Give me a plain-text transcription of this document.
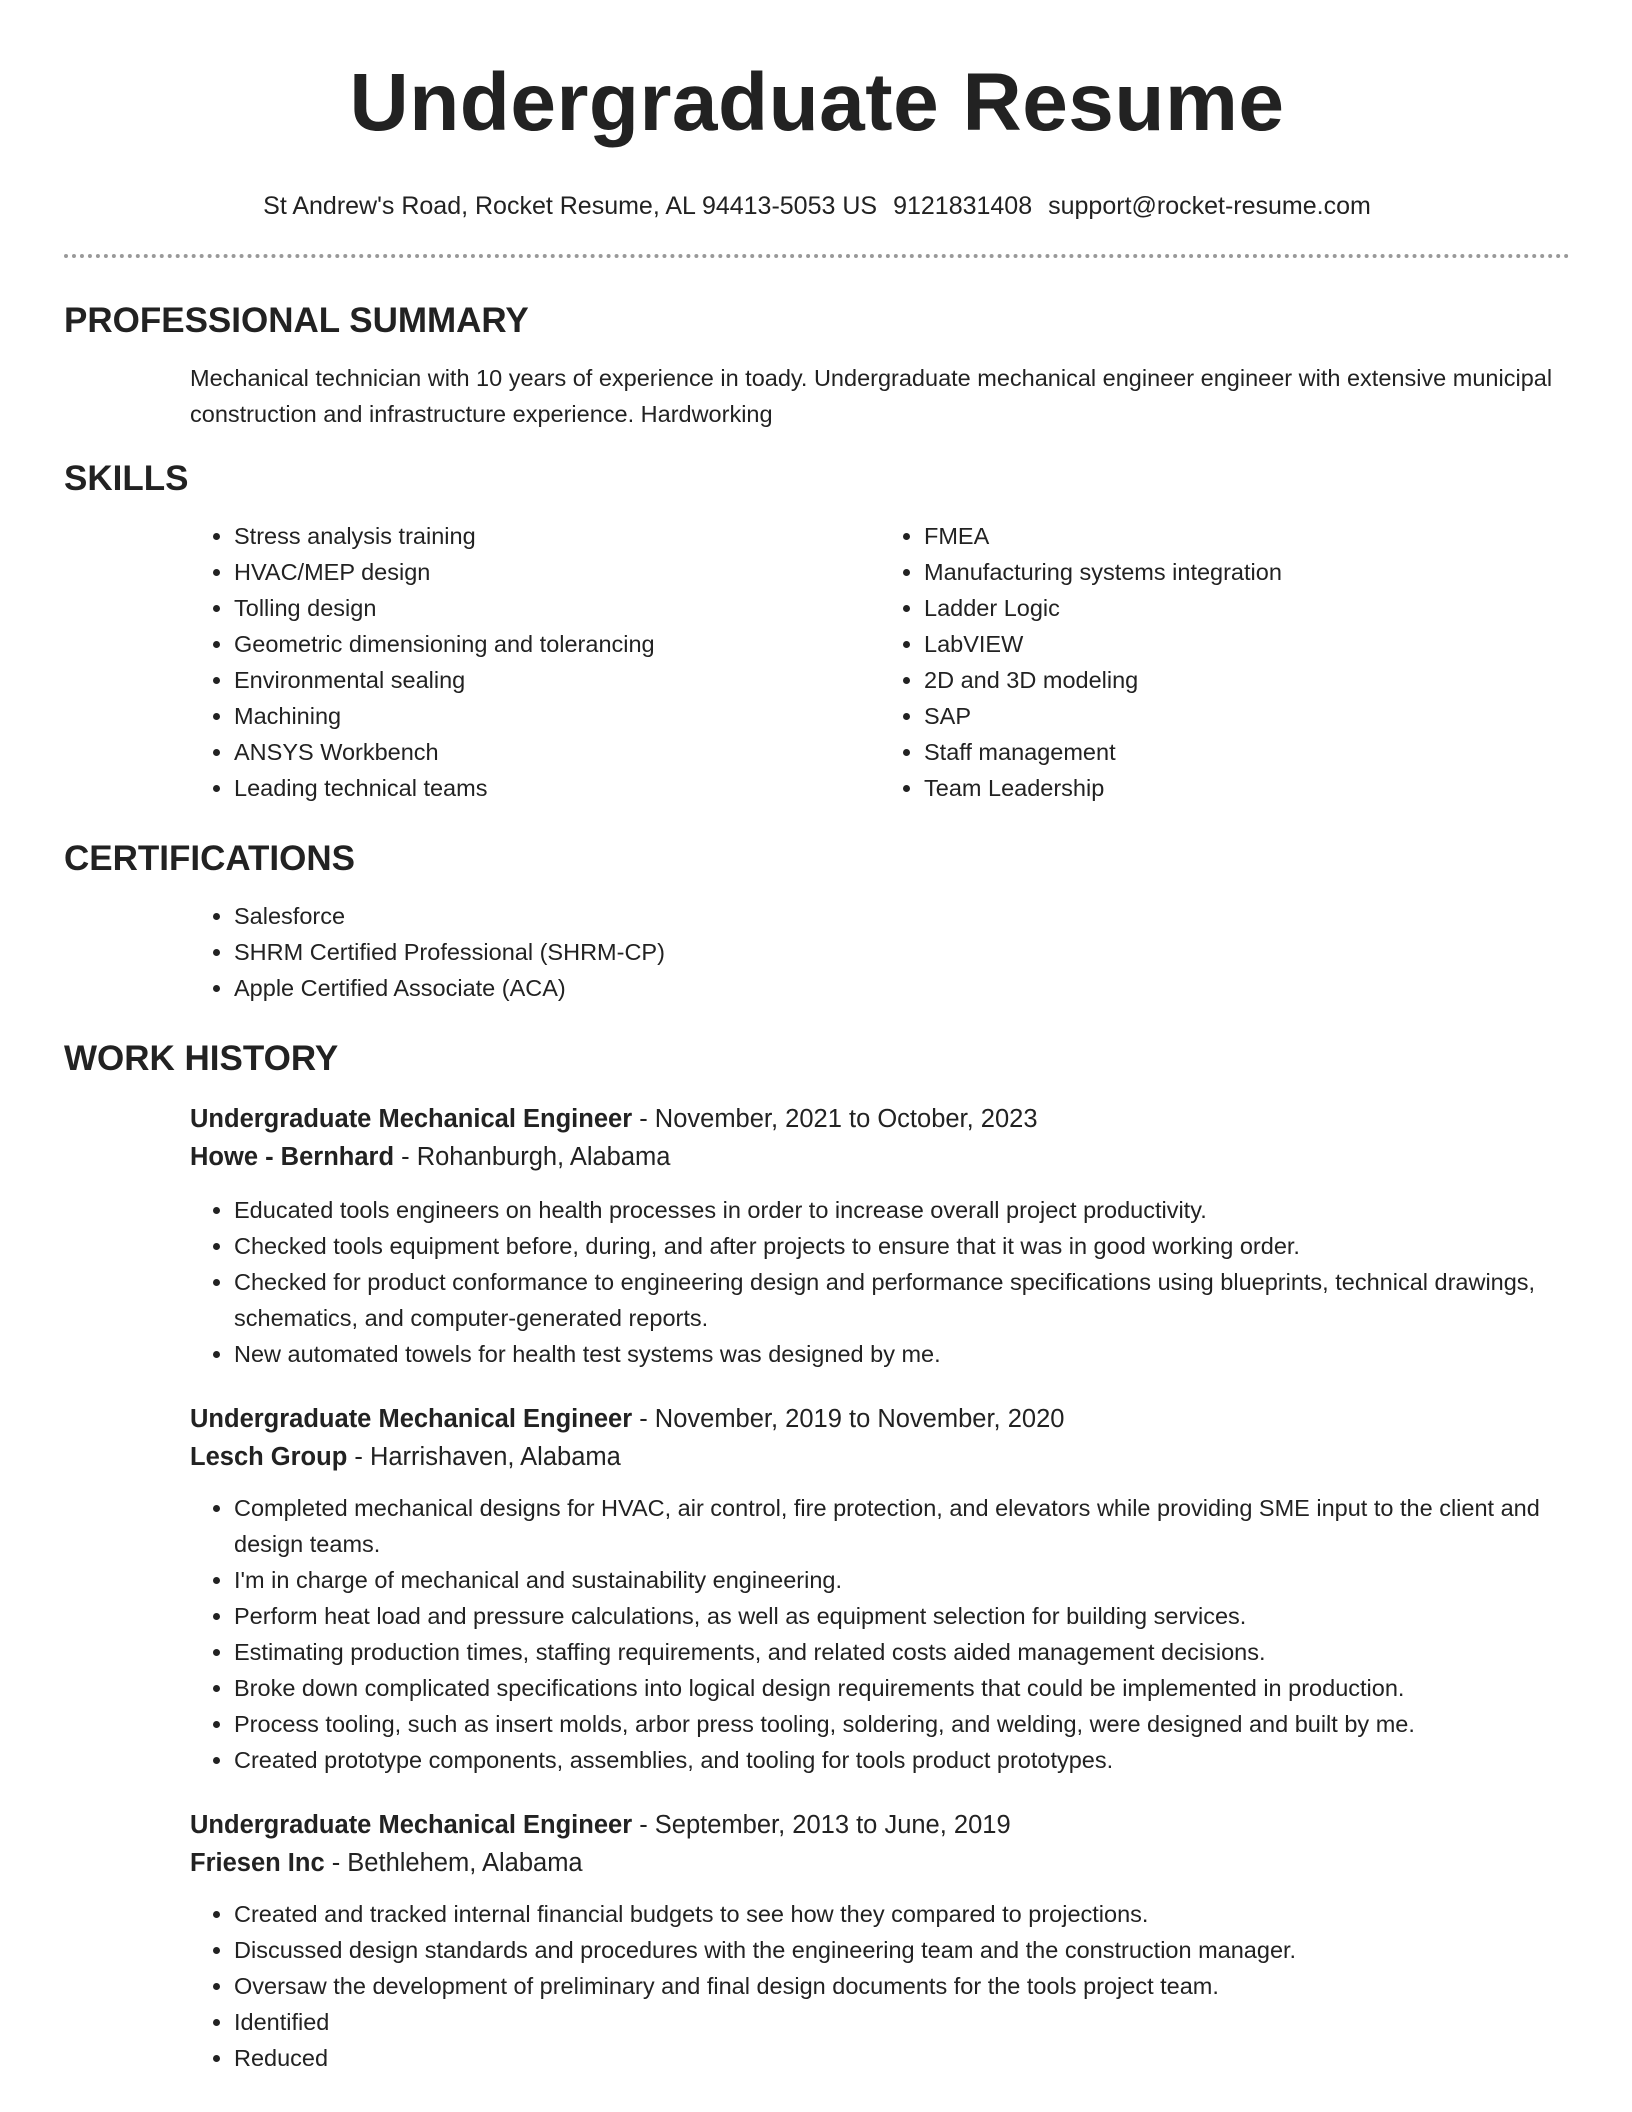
Undergraduate Resume
St Andrew's Road, Rocket Resume, AL 94413-5053 US 9121831408 support@rocket-resume.com
PROFESSIONAL SUMMARY

Mechanical technician with 10 years of experience in toady. Undergraduate mechanical engineer engineer with extensive municipal construction and infrastructure experience. Hardworking

SKILLS
• Stress analysis training
• HVAC/MEP design
• Tolling design
• Geometric dimensioning and tolerancing
• Environmental sealing
• Machining
• ANSYS Workbench
• Leading technical teams
• FMEA
• Manufacturing systems integration
• Ladder Logic
• LabVIEW
• 2D and 3D modeling
• SAP
• Staff management
• Team Leadership
CERTIFICATIONS
• Salesforce
• SHRM Certified Professional (SHRM-CP)
• Apple Certified Associate (ACA)
WORK HISTORY
Undergraduate Mechanical Engineer - November, 2021 to October, 2023
Howe - Bernhard - Rohanburgh, Alabama
• Educated tools engineers on health processes in order to increase overall project productivity.
• Checked tools equipment before, during, and after projects to ensure that it was in good working order.
• Checked for product conformance to engineering design and performance specifications using blueprints, technical drawings, schematics, and computer-generated reports.
• New automated towels for health test systems was designed by me.
Undergraduate Mechanical Engineer - November, 2019 to November, 2020
Lesch Group - Harrishaven, Alabama
• Completed mechanical designs for HVAC, air control, fire protection, and elevators while providing SME input to the client and design teams.
• I'm in charge of mechanical and sustainability engineering.
• Perform heat load and pressure calculations, as well as equipment selection for building services.
• Estimating production times, staffing requirements, and related costs aided management decisions.
• Broke down complicated specifications into logical design requirements that could be implemented in production.
• Process tooling, such as insert molds, arbor press tooling, soldering, and welding, were designed and built by me.
• Created prototype components, assemblies, and tooling for tools product prototypes.
Undergraduate Mechanical Engineer - September, 2013 to June, 2019
Friesen Inc - Bethlehem, Alabama
• Created and tracked internal financial budgets to see how they compared to projections.
• Discussed design standards and procedures with the engineering team and the construction manager.
• Oversaw the development of preliminary and final design documents for the tools project team.
• Identified
• Reduced
